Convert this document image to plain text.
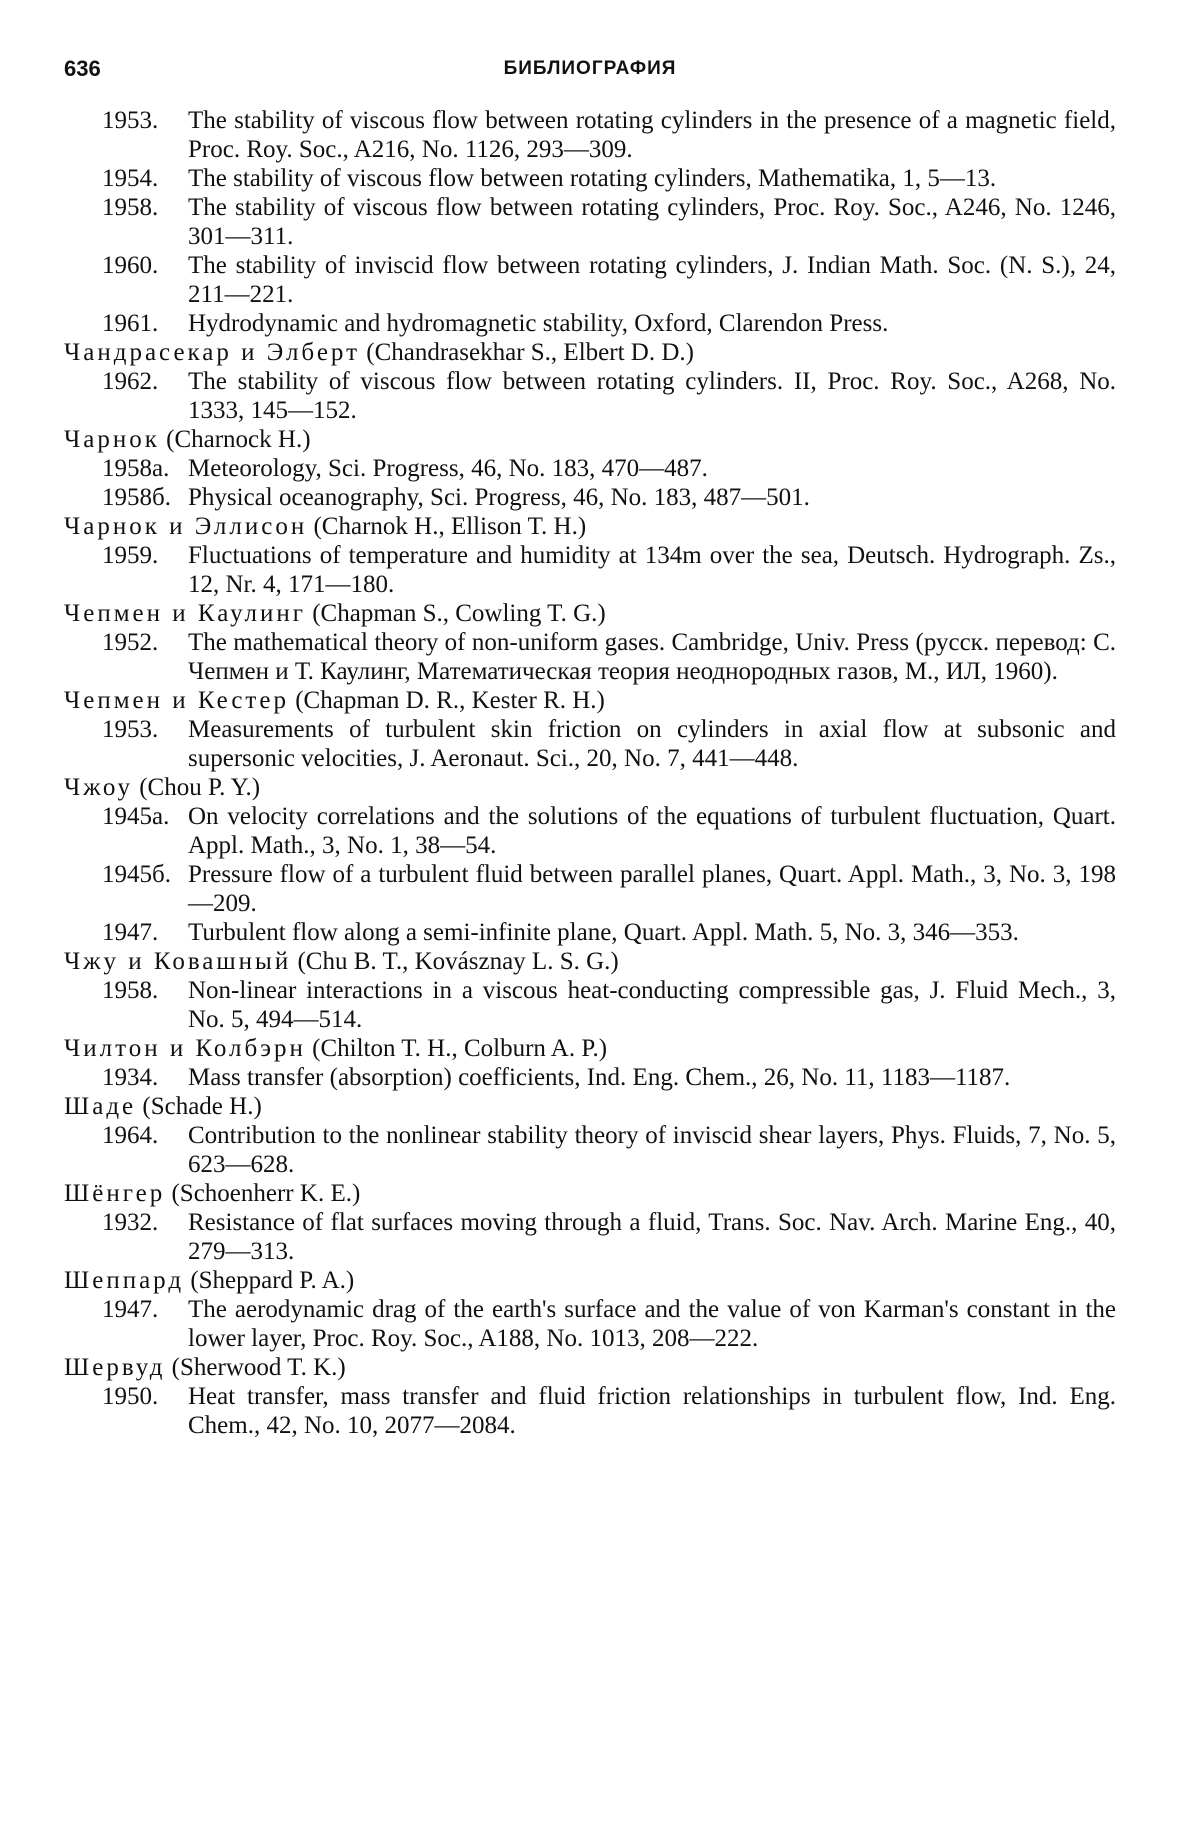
636	БИБЛИОГРАФИЯ
1953.	The stability of viscous flow between rotating cylinders in the presence of a magnetic field, Proc. Roy. Soc., A216, No. 1126, 293—309.
1954.	The stability of viscous flow between rotating cylinders, Mathematika, 1, 5—13.
1958.	The stability of viscous flow between rotating cylinders, Proc. Roy. Soc., A246, No. 1246, 301—311.
1960.	The stability of inviscid flow between rotating cylinders, J. Indian Math. Soc. (N. S.), 24, 211—221.
1961.	Hydrodynamic and hydromagnetic stability, Oxford, Clarendon Press.
Чандрасекар и Элберт (Chandrasekhar S., Elbert D. D.)
1962.	The stability of viscous flow between rotating cylinders. II, Proc. Roy. Soc., A268, No. 1333, 145—152.
Чарнок (Charnock H.)
1958а. Meteorology, Sci. Progress, 46, No. 183, 470—487.
1958б. Physical oceanography, Sci. Progress, 46, No. 183, 487—501.
Чарнок и Эллисон (Charnok H., Ellison T. H.)
1959.	Fluctuations of temperature and humidity at 134m over the sea, Deutsch. Hydrograph. Zs., 12, Nr. 4, 171—180.
Чепмен и Каулинг (Chapman S., Cowling T. G.)
1952.	The mathematical theory of non-uniform gases. Cambridge, Univ. Press (русск. перевод: С. Чепмен и Т. Каулинг, Математическая теория неоднородных газов, М., ИЛ, 1960).
Чепмен и Кестер (Chapman D. R., Kester R. H.)
1953.	Measurements of turbulent skin friction on cylinders in axial flow at subsonic and supersonic velocities, J. Aeronaut. Sci., 20, No. 7, 441—448.
Чжоу (Chou P. Y.)
1945а. On velocity correlations and the solutions of the equations of turbulent fluctuation, Quart. Appl. Math., 3, No. 1, 38—54.
1945б. Pressure flow of a turbulent fluid between parallel planes, Quart. Appl. Math., 3, No. 3, 198—209.
1947.	Turbulent flow along a semi-infinite plane, Quart. Appl. Math. 5, No. 3, 346—353.
Чжу и Ковашный (Chu B. T., Kovásznay L. S. G.)
1958.	Non-linear interactions in a viscous heat-conducting compressible gas, J. Fluid Mech., 3, No. 5, 494—514.
Чилтон и Колбэрн (Chilton T. H., Colburn A. P.)
1934.	Mass transfer (absorption) coefficients, Ind. Eng. Chem., 26, No. 11, 1183—1187.
Шаде (Schade H.)
1964.	Contribution to the nonlinear stability theory of inviscid shear layers, Phys. Fluids, 7, No. 5, 623—628.
Шёнгер (Schoenherr K. E.)
1932.	Resistance of flat surfaces moving through a fluid, Trans. Soc. Nav. Arch. Marine Eng., 40, 279—313.
Шеппард (Sheppard P. A.)
1947.	The aerodynamic drag of the earth's surface and the value of von Karman's constant in the lower layer, Proc. Roy. Soc., A188, No. 1013, 208—222.
Шервуд (Sherwood T. K.)
1950.	Heat transfer, mass transfer and fluid friction relationships in turbulent flow, Ind. Eng. Chem., 42, No. 10, 2077—2084.
